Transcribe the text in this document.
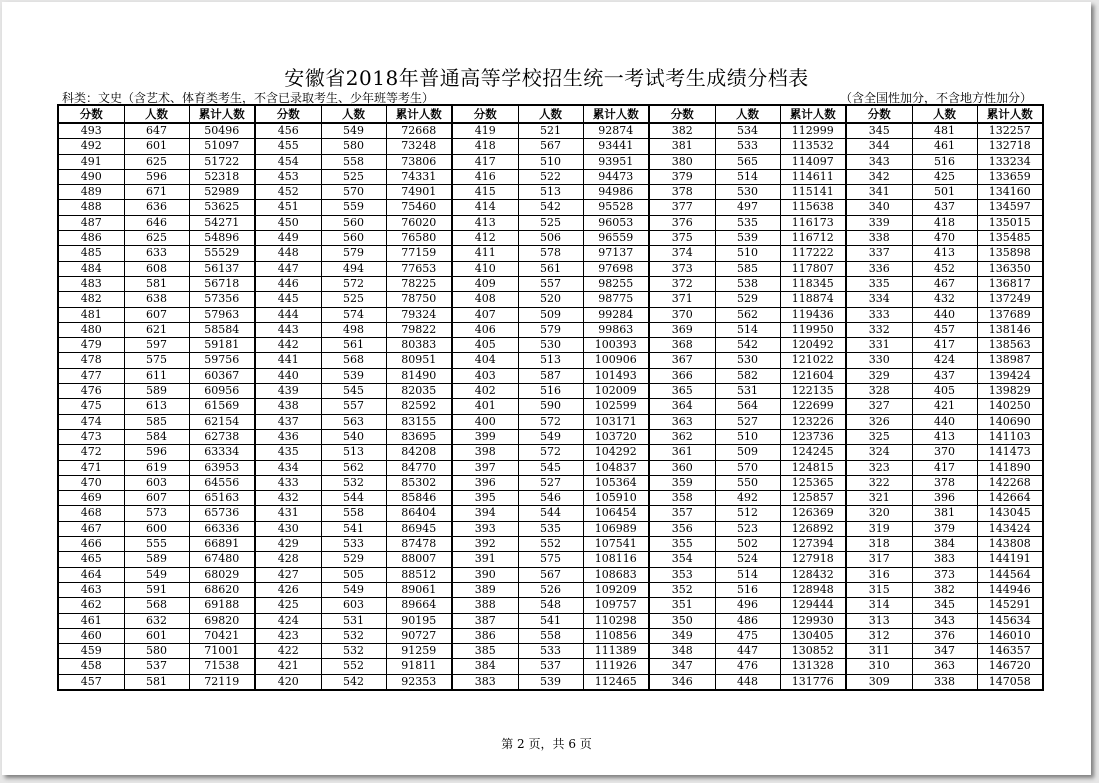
安徽省2018年普通高等学校招生统一考试考生成绩分档表
科类：文史（含艺术、体育类考生，不含已录取考生、少年班等考生）	（含全国性加分，不含地方性加分）
分数	人数	累计人数	分数	人数	累计人数	分数	人数	累计人数	分数	人数	累计人数	分数	人数	累计人数
493	647	50496	456	549	72668	419	521	92874	382	534	112999	345	481	132257
492	601	51097	455	580	73248	418	567	93441	381	533	113532	344	461	132718
491	625	51722	454	558	73806	417	510	93951	380	565	114097	343	516	133234
490	596	52318	453	525	74331	416	522	94473	379	514	114611	342	425	133659
489	671	52989	452	570	74901	415	513	94986	378	530	115141	341	501	134160
488	636	53625	451	559	75460	414	542	95528	377	497	115638	340	437	134597
487	646	54271	450	560	76020	413	525	96053	376	535	116173	339	418	135015
486	625	54896	449	560	76580	412	506	96559	375	539	116712	338	470	135485
485	633	55529	448	579	77159	411	578	97137	374	510	117222	337	413	135898
484	608	56137	447	494	77653	410	561	97698	373	585	117807	336	452	136350
483	581	56718	446	572	78225	409	557	98255	372	538	118345	335	467	136817
482	638	57356	445	525	78750	408	520	98775	371	529	118874	334	432	137249
481	607	57963	444	574	79324	407	509	99284	370	562	119436	333	440	137689
480	621	58584	443	498	79822	406	579	99863	369	514	119950	332	457	138146
479	597	59181	442	561	80383	405	530	100393	368	542	120492	331	417	138563
478	575	59756	441	568	80951	404	513	100906	367	530	121022	330	424	138987
477	611	60367	440	539	81490	403	587	101493	366	582	121604	329	437	139424
476	589	60956	439	545	82035	402	516	102009	365	531	122135	328	405	139829
475	613	61569	438	557	82592	401	590	102599	364	564	122699	327	421	140250
474	585	62154	437	563	83155	400	572	103171	363	527	123226	326	440	140690
473	584	62738	436	540	83695	399	549	103720	362	510	123736	325	413	141103
472	596	63334	435	513	84208	398	572	104292	361	509	124245	324	370	141473
471	619	63953	434	562	84770	397	545	104837	360	570	124815	323	417	141890
470	603	64556	433	532	85302	396	527	105364	359	550	125365	322	378	142268
469	607	65163	432	544	85846	395	546	105910	358	492	125857	321	396	142664
468	573	65736	431	558	86404	394	544	106454	357	512	126369	320	381	143045
467	600	66336	430	541	86945	393	535	106989	356	523	126892	319	379	143424
466	555	66891	429	533	87478	392	552	107541	355	502	127394	318	384	143808
465	589	67480	428	529	88007	391	575	108116	354	524	127918	317	383	144191
464	549	68029	427	505	88512	390	567	108683	353	514	128432	316	373	144564
463	591	68620	426	549	89061	389	526	109209	352	516	128948	315	382	144946
462	568	69188	425	603	89664	388	548	109757	351	496	129444	314	345	145291
461	632	69820	424	531	90195	387	541	110298	350	486	129930	313	343	145634
460	601	70421	423	532	90727	386	558	110856	349	475	130405	312	376	146010
459	580	71001	422	532	91259	385	533	111389	348	447	130852	311	347	146357
458	537	71538	421	552	91811	384	537	111926	347	476	131328	310	363	146720
457	581	72119	420	542	92353	383	539	112465	346	448	131776	309	338	147058
第 2 页，共 6 页
